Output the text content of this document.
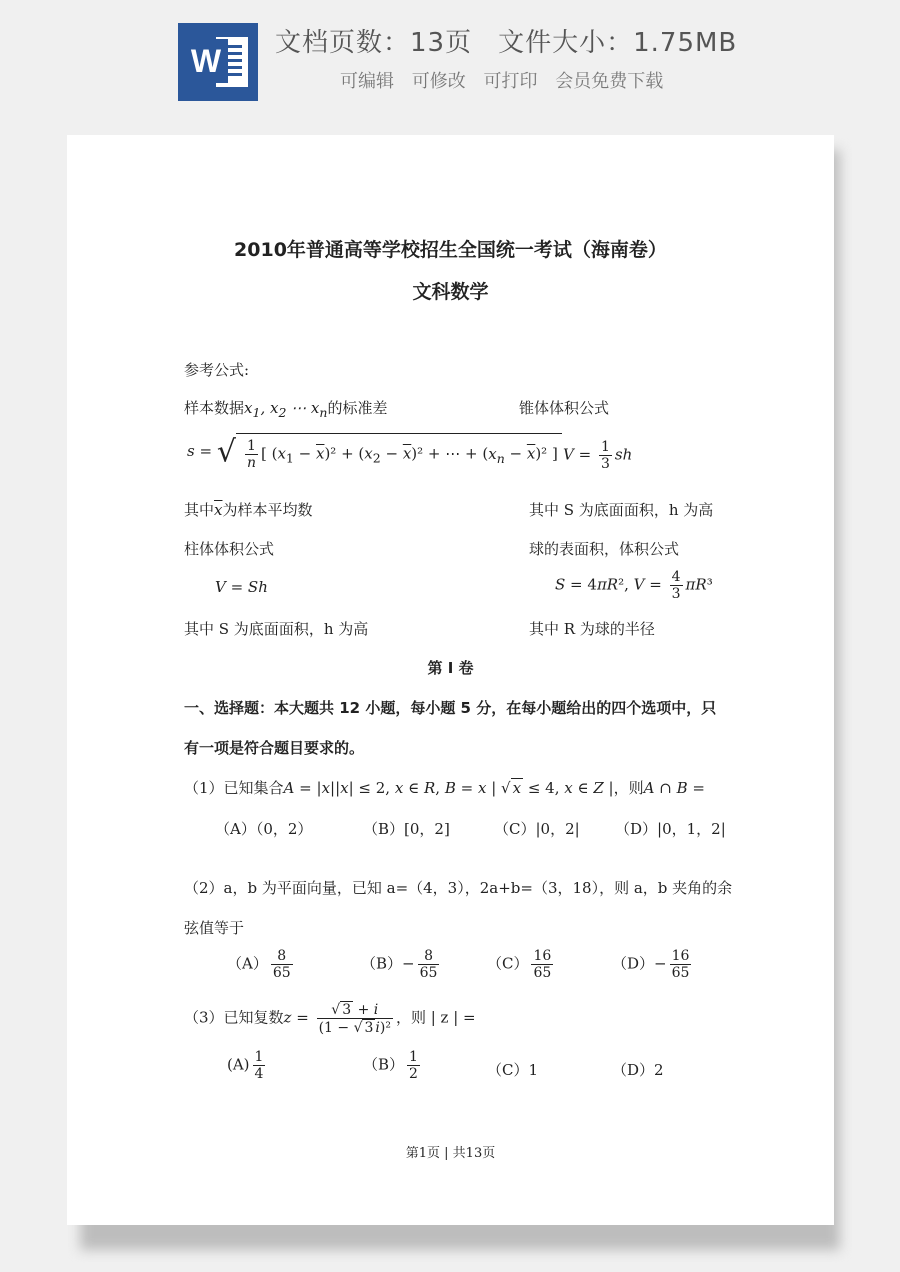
W 文档页数：13页 文件大小：1.75MB
可编辑 可修改 可打印 会员免费下载
2010年普通高等学校招生全国统一考试（海南卷）
文科数学
参考公式:
样本数据$x_1$, $x_2$ ⋯ $x_n$的标准差	锥体体积公式
s = √ $\frac{1}{n}$ [ $(x_1 - \overline{x})^2 + (x_2 - \overline{x})^2$ + ⋯ + $(x_n - \overline{x})^2$ ] $V = \frac{1}{3}$ sh
其中$\overline{x}$为样本平均数	其中 S 为底面面积，h 为高
柱体体积公式	球的表面积，体积公式
V = Sh	S = 4πR², $V = \frac{4}{3} \pi R^3$
其中 S 为底面面积，h 为高	其中 R 为球的半径
第 I 卷
一、选择题：本大题共 12 小题，每小题 5 分，在每小题给出的四个选项中，只
有一项是符合题目要求的。
（1）已知集合A = |x||x| ≤ 2, x ∈ R, B = x | √ x ≤ 4, x ∈ Z |，则A ∩ B =
（A）（0，2）	（B）[0，2]	（C）|0，2| （D）|0，1，2|
（2）a，b 为平面向量，已知 a=（4，3），2a+b=（3，18），则 a，b 夹角的余
弦值等于
$(A) \frac{8}{65}$	$(B)- \frac{8}{65}$	$(C) \frac{16}{65}$	$(D)- \frac{16}{65}$
（3）已知复数$z = \frac{√ 3 + i}{\text{(1 − √ 3 i)²}}$ ，则 | z | =
$(A) \frac{1}{4}$	$(B) \frac{1}{2}$	（C）1	（D）2
第1页 | 共13页
